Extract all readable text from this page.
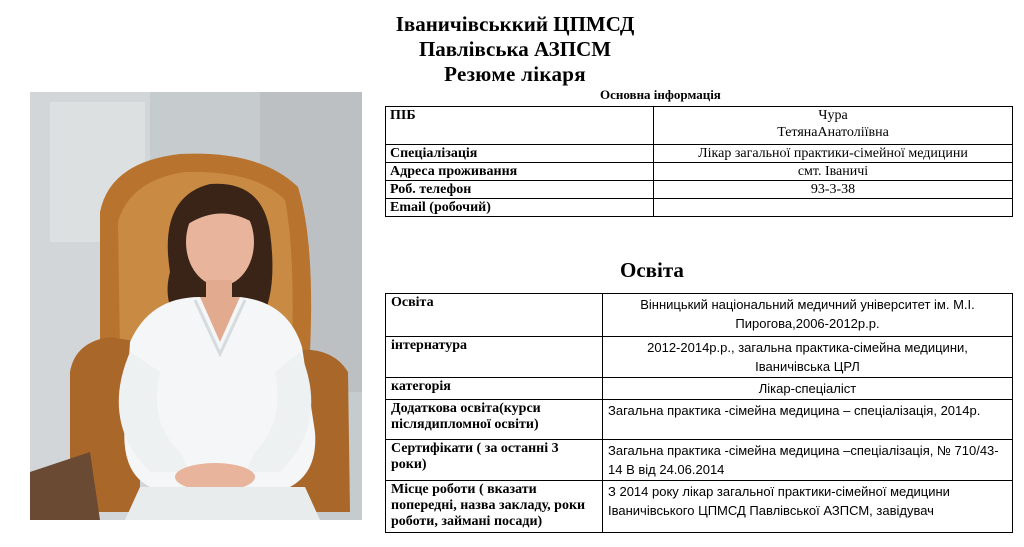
Іваничівськкий ЦПМСД
Павлівська АЗПСМ
Резюме лікаря
Основна інформація
ПІБ	Чура
ТетянаАнатоліївна

Спеціалізація	Лікар загальної практики-сімейної медицини
Адреса проживання	смт. Іваничі
Роб. телефон	93-3-38
Email (робочий)	
Освіта
Освіта	Вінницький національний медичний університет ім. М.І. Пирогова,2006-2012р.р.
інтернатура	2012-2014р.р., загальна практика-сімейна медицини, Іваничівська ЦРЛ
категорія	Лікар-спеціаліст
Додаткова освіта(курси післядипломної освіти)	Загальна практика -сімейна медицина – спеціалізація, 2014р.
Сертифікати ( за останні 3 роки)	Загальна практика -сімейна медицина –спеціалізація, № 710/43-14 В від 24.06.2014
Місце роботи ( вказати попередні, назва закладу, роки роботи, займані посади)	З 2014 року лікар загальної практики-сімейної медицини Іваничівського ЦПМСД Павлівської АЗПСМ, завідувач
